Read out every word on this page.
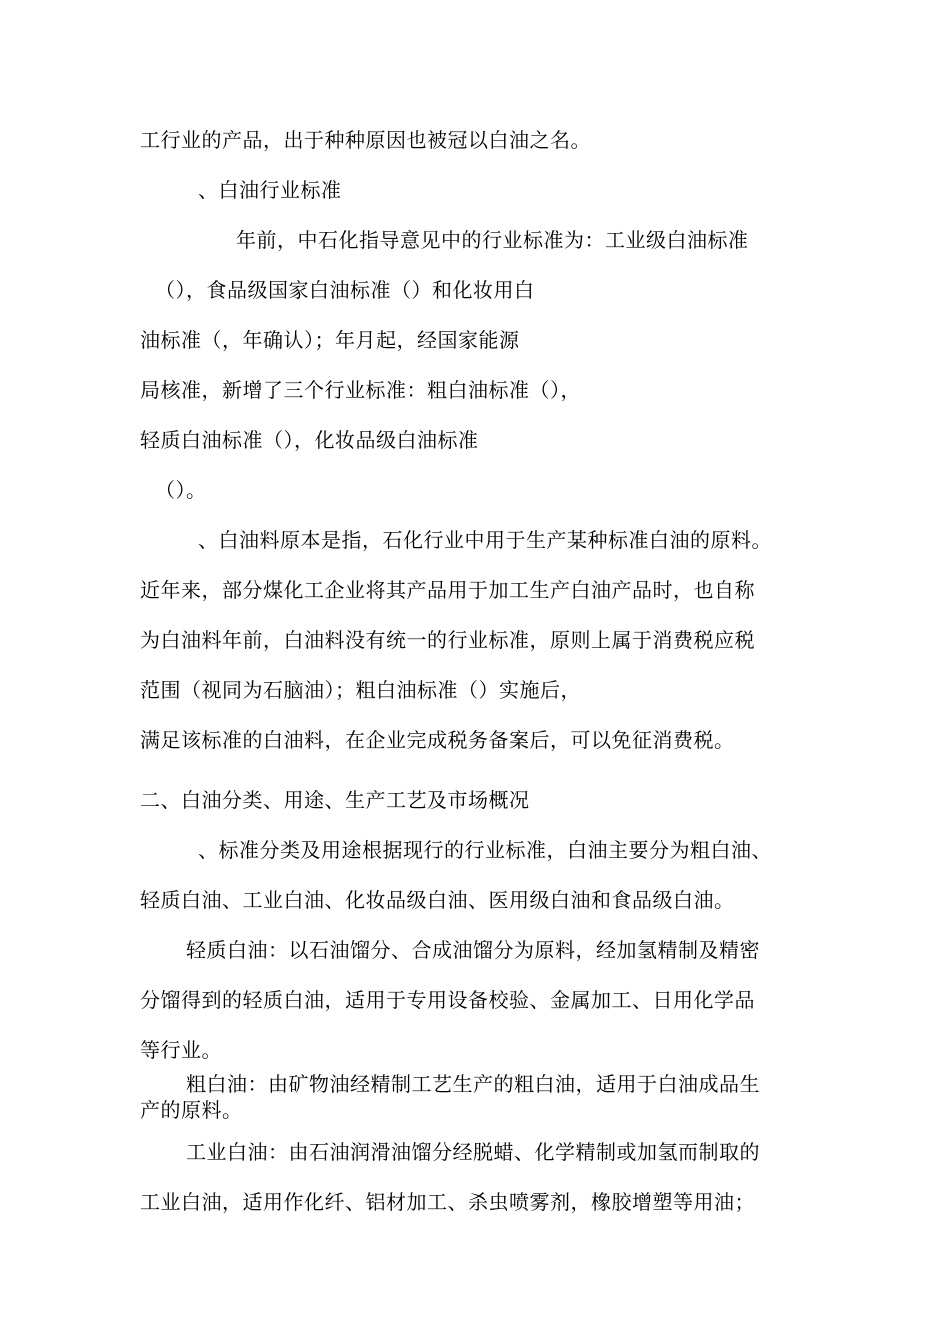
工行业的产品，出于种种原因也被冠以白油之名。
、白油行业标准
年前，中石化指导意见中的行业标准为：工业级白油标准
（），食品级国家白油标准（）和化妆用白
油标准（，年确认）；年月起，经国家能源
局核准，新增了三个行业标准：粗白油标准（），
轻质白油标准（），化妆品级白油标准
（）。
、白油料原本是指，石化行业中用于生产某种标准白油的原料。
近年来，部分煤化工企业将其产品用于加工生产白油产品时，也自称
为白油料年前，白油料没有统一的行业标准，原则上属于消费税应税
范围（视同为石脑油）；粗白油标准（）实施后，
满足该标准的白油料，在企业完成税务备案后，可以免征消费税。
二、白油分类、用途、生产工艺及市场概况
、标准分类及用途根据现行的行业标准，白油主要分为粗白油、
轻质白油、工业白油、化妆品级白油、医用级白油和食品级白油。
轻质白油：以石油馏分、合成油馏分为原料，经加氢精制及精密
分馏得到的轻质白油，适用于专用设备校验、金属加工、日用化学品
等行业。
粗白油：由矿物油经精制工艺生产的粗白油，适用于白油成品生
产的原料。
工业白油：由石油润滑油馏分经脱蜡、化学精制或加氢而制取的
工业白油，适用作化纤、铝材加工、杀虫喷雾剂，橡胶增塑等用油；
